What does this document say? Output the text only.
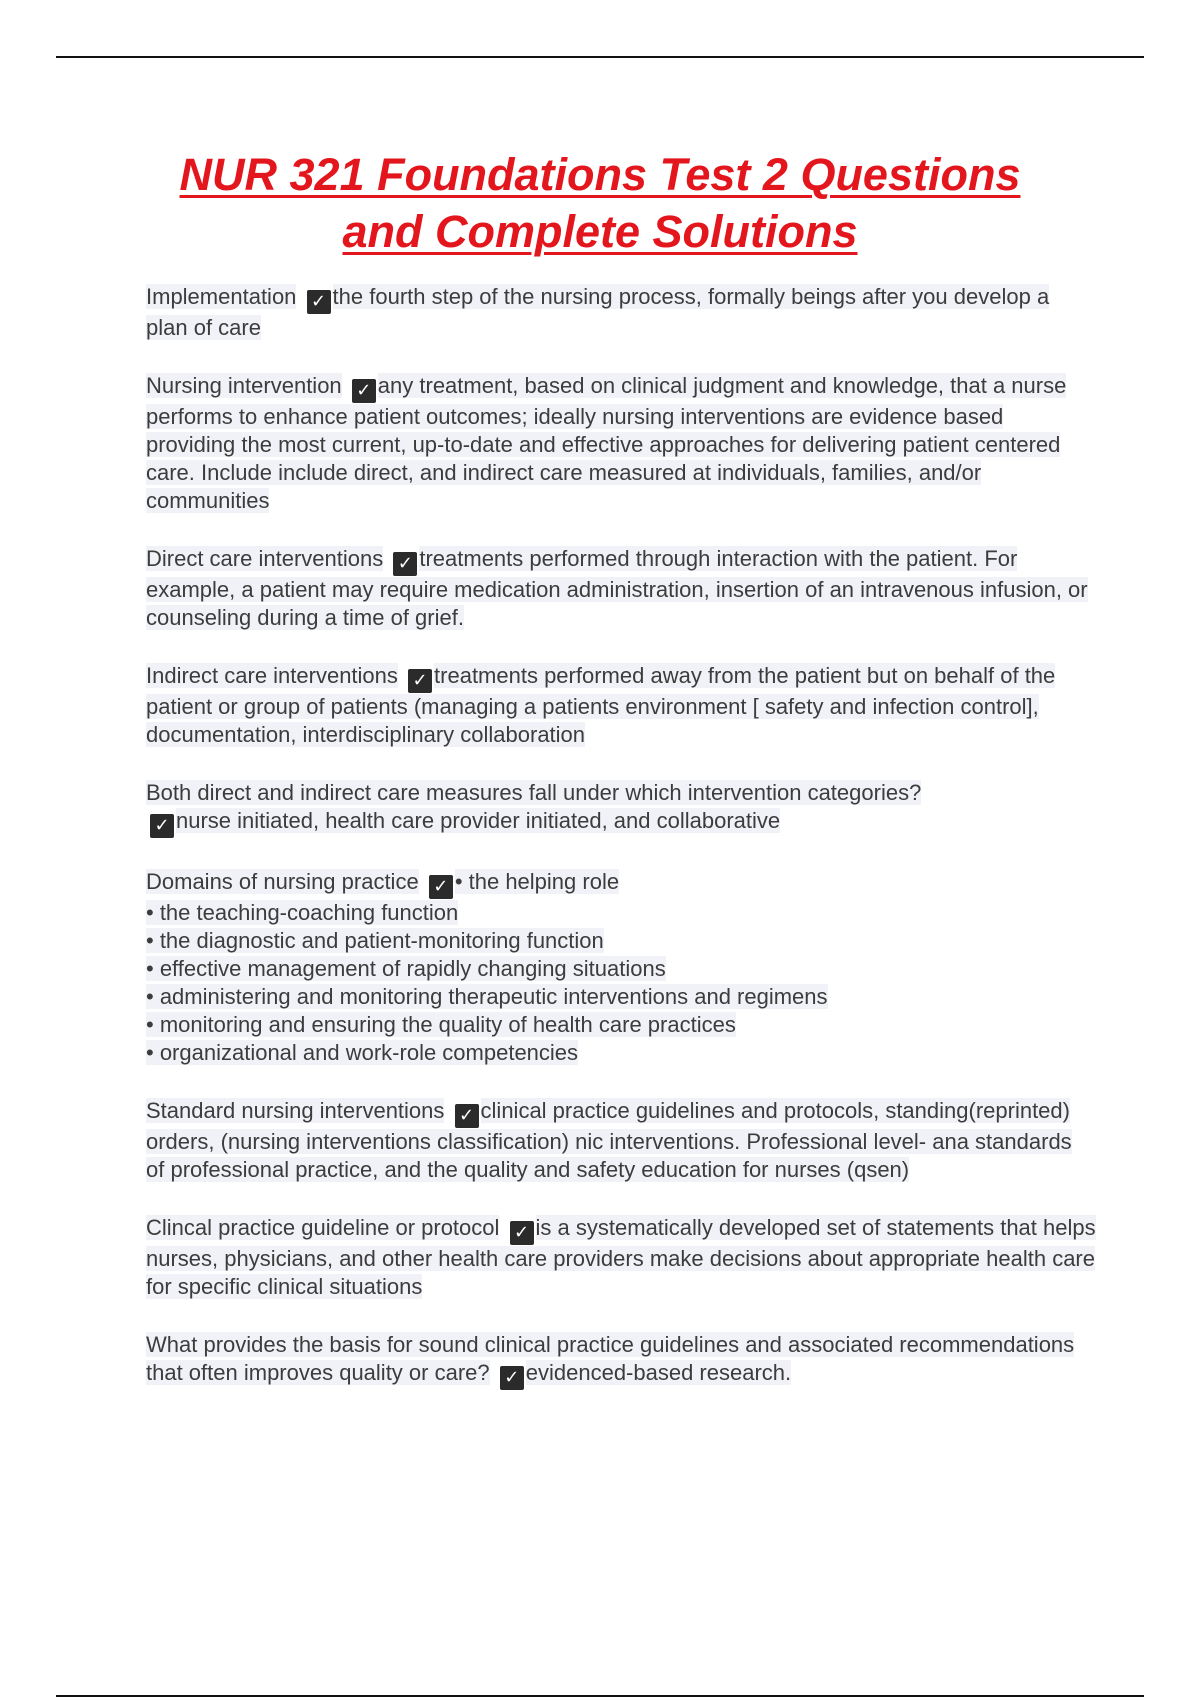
NUR 321 Foundations Test 2 Questions
and Complete Solutions

Implementation ✓ the fourth step of the nursing process, formally beings after you develop a plan of care

Nursing intervention ✓ any treatment, based on clinical judgment and knowledge, that a nurse performs to enhance patient outcomes; ideally nursing interventions are evidence based providing the most current, up-to-date and effective approaches for delivering patient centered care. Include include direct, and indirect care measured at individuals, families, and/or communities

Direct care interventions ✓ treatments performed through interaction with the patient. For example, a patient may require medication administration, insertion of an intravenous infusion, or counseling during a time of grief.

Indirect care interventions ✓ treatments performed away from the patient but on behalf of the patient or group of patients (managing a patients environment [ safety and infection control], documentation, interdisciplinary collaboration

Both direct and indirect care measures fall under which intervention categories?
✓ nurse initiated, health care provider initiated, and collaborative

Domains of nursing practice ✓ • the helping role
• the teaching-coaching function
• the diagnostic and patient-monitoring function
• effective management of rapidly changing situations
• administering and monitoring therapeutic interventions and regimens
• monitoring and ensuring the quality of health care practices
• organizational and work-role competencies

Standard nursing interventions ✓ clinical practice guidelines and protocols, standing(reprinted) orders, (nursing interventions classification) nic interventions. Professional level- ana standards of professional practice, and the quality and safety education for nurses (qsen)

Clincal practice guideline or protocol ✓ is a systematically developed set of statements that helps nurses, physicians, and other health care providers make decisions about appropriate health care for specific clinical situations

What provides the basis for sound clinical practice guidelines and associated recommendations that often improves quality or care? ✓ evidenced-based research.
